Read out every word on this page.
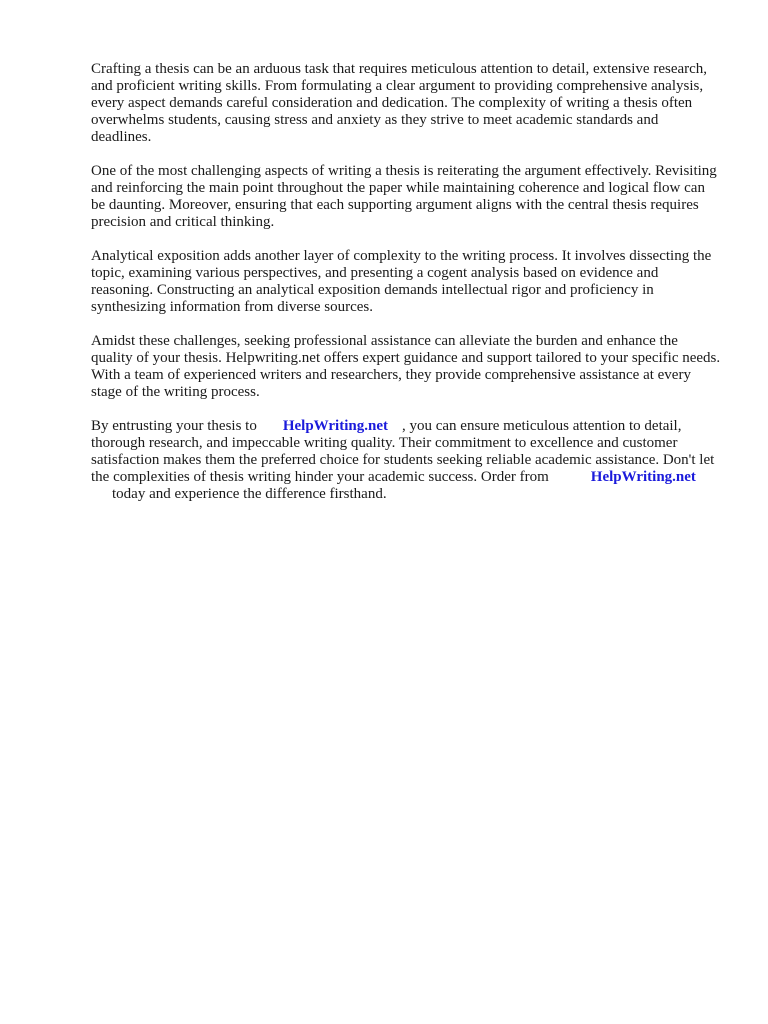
Crafting a thesis can be an arduous task that requires meticulous attention to detail, extensive research, and proficient writing skills. From formulating a clear argument to providing comprehensive analysis, every aspect demands careful consideration and dedication. The complexity of writing a thesis often overwhelms students, causing stress and anxiety as they strive to meet academic standards and deadlines.

One of the most challenging aspects of writing a thesis is reiterating the argument effectively. Revisiting and reinforcing the main point throughout the paper while maintaining coherence and logical flow can be daunting. Moreover, ensuring that each supporting argument aligns with the central thesis requires precision and critical thinking.

Analytical exposition adds another layer of complexity to the writing process. It involves dissecting the topic, examining various perspectives, and presenting a cogent analysis based on evidence and reasoning. Constructing an analytical exposition demands intellectual rigor and proficiency in synthesizing information from diverse sources.

Amidst these challenges, seeking professional assistance can alleviate the burden and enhance the quality of your thesis. Helpwriting.net offers expert guidance and support tailored to your specific needs. With a team of experienced writers and researchers, they provide comprehensive assistance at every stage of the writing process.

By entrusting your thesis to HelpWriting.net , you can ensure meticulous attention to detail, thorough research, and impeccable writing quality. Their commitment to excellence and customer satisfaction makes them the preferred choice for students seeking reliable academic assistance. Don't let the complexities of thesis writing hinder your academic success. Order from	HelpWriting.net
today and experience the difference firsthand.
